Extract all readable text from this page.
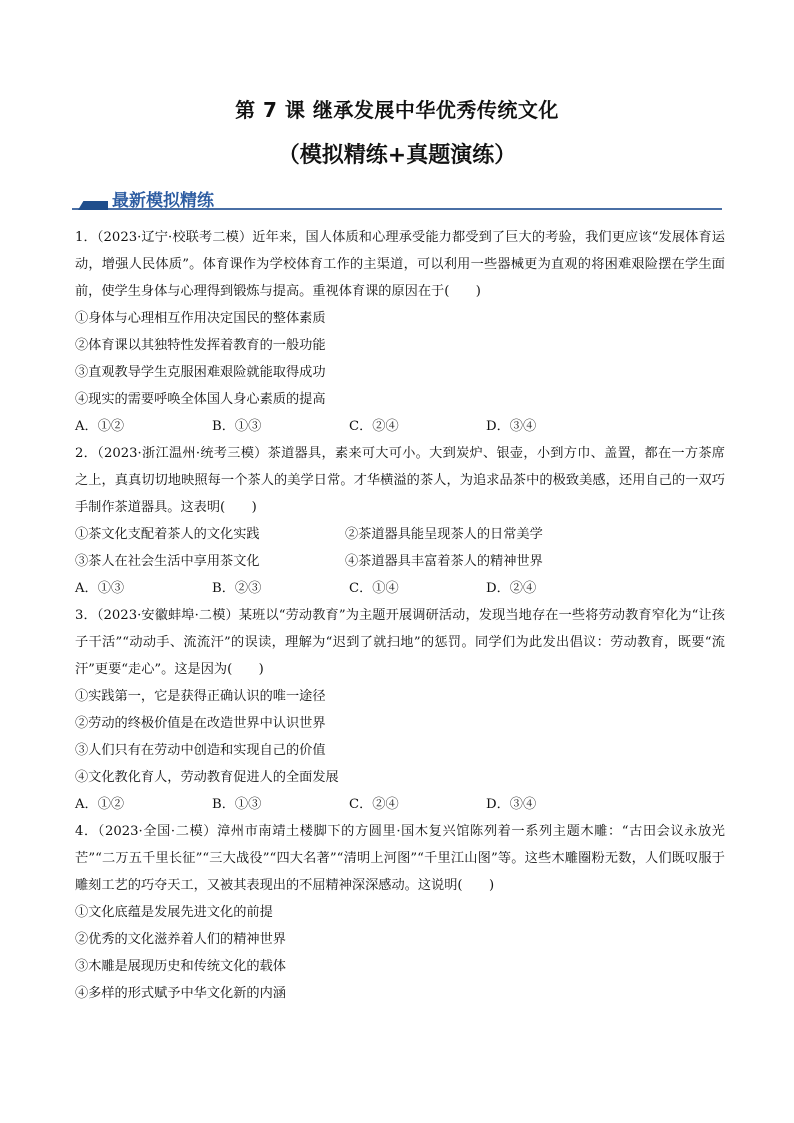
第 7 课 继承发展中华优秀传统文化
（模拟精练+真题演练）
最新模拟精练
1．（2023·辽宁·校联考二模）近年来，国人体质和心理承受能力都受到了巨大的考验，我们更应该“发展体育运动，增强人民体质”。体育课作为学校体育工作的主渠道，可以利用一些器械更为直观的将困难艰险摆在学生面前，使学生身体与心理得到锻炼与提高。重视体育课的原因在于(　　)
①身体与心理相互作用决定国民的整体素质
②体育课以其独特性发挥着教育的一般功能
③直观教导学生克服困难艰险就能取得成功
④现实的需要呼唤全体国人身心素质的提高
A．①②	B．①③	C．②④	D．③④
2．（2023·浙江温州·统考三模）茶道器具，素来可大可小。大到炭炉、银壶，小到方巾、盖置，都在一方茶席之上，真真切切地映照每一个茶人的美学日常。才华横溢的茶人，为追求品茶中的极致美感，还用自己的一双巧手制作茶道器具。这表明(　　)
①茶文化支配着茶人的文化实践	②茶道器具能呈现茶人的日常美学
③茶人在社会生活中享用茶文化	④茶道器具丰富着茶人的精神世界
A．①③	B．②③	C．①④	D．②④
3．（2023·安徽蚌埠·二模）某班以“劳动教育”为主题开展调研活动，发现当地存在一些将劳动教育窄化为“让孩子干活”“动动手、流流汗”的误读，理解为“迟到了就扫地”的惩罚。同学们为此发出倡议：劳动教育，既要“流汗”更要“走心”。这是因为(　　)
①实践第一，它是获得正确认识的唯一途径
②劳动的终极价值是在改造世界中认识世界
③人们只有在劳动中创造和实现自己的价值
④文化教化育人，劳动教育促进人的全面发展
A．①②	B．①③	C．②④	D．③④
4．（2023·全国·二模）漳州市南靖土楼脚下的方圆里·国木复兴馆陈列着一系列主题木雕：“古田会议永放光芒”“二万五千里长征”“三大战役”“四大名著”“清明上河图”“千里江山图”等。这些木雕圈粉无数，人们既叹服于雕刻工艺的巧夺天工，又被其表现出的不屈精神深深感动。这说明(　　)
①文化底蕴是发展先进文化的前提
②优秀的文化滋养着人们的精神世界
③木雕是展现历史和传统文化的载体
④多样的形式赋予中华文化新的内涵
